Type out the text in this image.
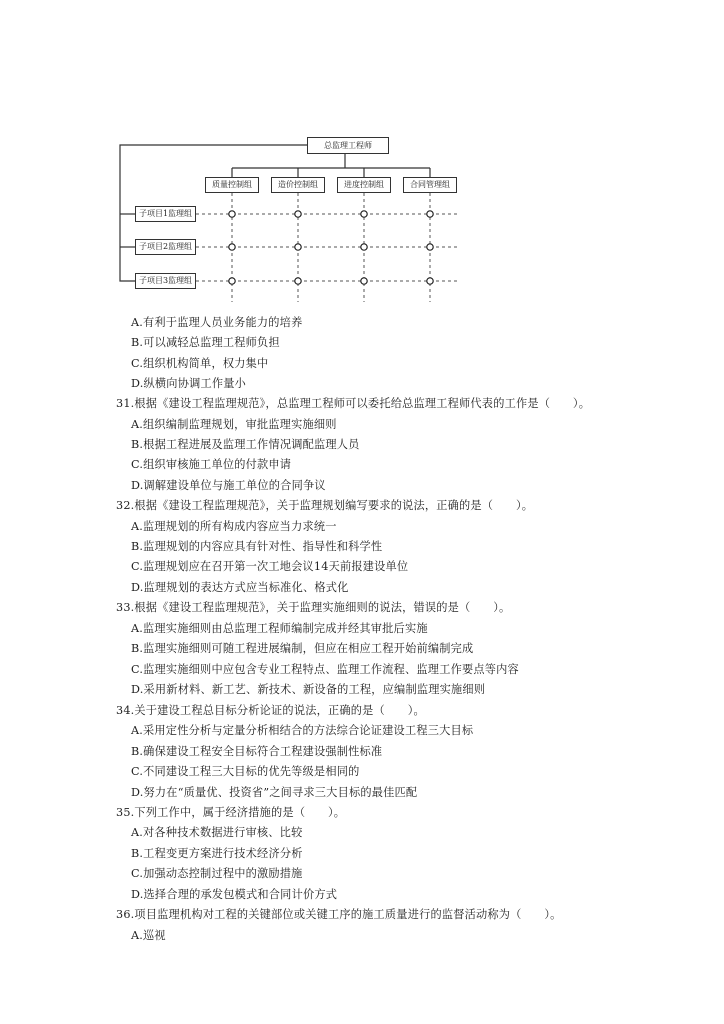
总监理工程师
质量控制组	造价控制组	进度控制组	合同管理组
子项目1监理组
子项目2监理组
子项目3监理组
A.有利于监理人员业务能力的培养
B.可以减轻总监理工程师负担
C.组织机构简单，权力集中
D.纵横向协调工作量小
31.根据《建设工程监理规范》，总监理工程师可以委托给总监理工程师代表的工作是（　　）。
A.组织编制监理规划，审批监理实施细则
B.根据工程进展及监理工作情况调配监理人员
C.组织审核施工单位的付款申请
D.调解建设单位与施工单位的合同争议
32.根据《建设工程监理规范》，关于监理规划编写要求的说法，正确的是（　　）。
A.监理规划的所有构成内容应当力求统一
B.监理规划的内容应具有针对性、指导性和科学性
C.监理规划应在召开第一次工地会议14天前报建设单位
D.监理规划的表达方式应当标准化、格式化
33.根据《建设工程监理规范》，关于监理实施细则的说法，错误的是（　　）。
A.监理实施细则由总监理工程师编制完成并经其审批后实施
B.监理实施细则可随工程进展编制，但应在相应工程开始前编制完成
C.监理实施细则中应包含专业工程特点、监理工作流程、监理工作要点等内容
D.采用新材料、新工艺、新技术、新设备的工程，应编制监理实施细则
34.关于建设工程总目标分析论证的说法，正确的是（　　）。
A.采用定性分析与定量分析相结合的方法综合论证建设工程三大目标
B.确保建设工程安全目标符合工程建设强制性标准
C.不同建设工程三大目标的优先等级是相同的
D.努力在“质量优、投资省”之间寻求三大目标的最佳匹配
35.下列工作中，属于经济措施的是（　　）。
A.对各种技术数据进行审核、比较
B.工程变更方案进行技术经济分析
C.加强动态控制过程中的激励措施
D.选择合理的承发包模式和合同计价方式
36.项目监理机构对工程的关键部位或关键工序的施工质量进行的监督活动称为（　　）。
A.巡视
